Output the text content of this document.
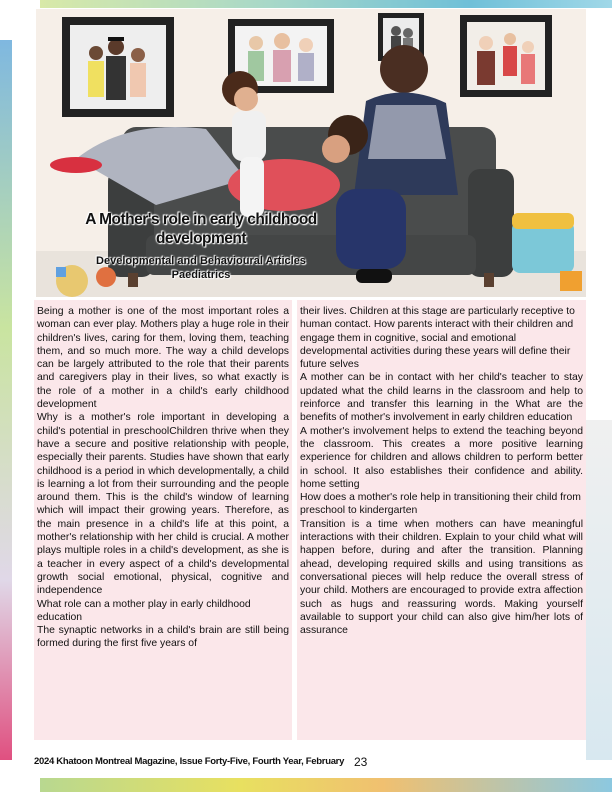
A Mother's role in early childhood development

Developmental and Behavioural Articles Paediatrics

Being a mother is one of the most important roles a woman can ever play. Mothers play a huge role in their children's lives, caring for them, loving them, teaching them, and so much more. The way a child develops can be largely attributed to the role that their parents and caregivers play in their lives, so what exactly is the role of a mother in a child's early childhood development

Why is a mother's role important in developing a child's potential in preschoolChildren thrive when they have a secure and positive relationship with people, especially their parents. Studies have shown that early childhood is a period in which developmentally, a child is learning a lot from their surrounding and the people around them. This is the child's window of learning which will impact their growing years. Therefore, as the main presence in a child's life at this point, a mother's relationship with her child is crucial. A mother plays multiple roles in a child's development, as she is a teacher in every aspect of a child's developmental growth social emotional, physical, cognitive and independence

What role can a mother play in early childhood education

The synaptic networks in a child's brain are still being formed during the first five years of

their lives. Children at this stage are particularly receptive to human contact. How parents interact with their children and engage them in cognitive, social and emotional developmental activities during these years will define their future selves

A mother can be in contact with her child's teacher to stay updated what the child learns in the classroom and help to reinforce and transfer this learning in the What are the benefits of mother's involvement in early children education

A mother's involvement helps to extend the teaching beyond the classroom. This creates a more positive learning experience for children and allows children to perform better in school. It also establishes their confidence and ability. home setting

How does a mother's role help in transitioning their child from preschool to kindergarten

Transition is a time when mothers can have meaningful interactions with their children. Explain to your child what will happen before, during and after the transition. Planning ahead, developing required skills and using transitions as conversational pieces will help reduce the overall stress of your child. Mothers are encouraged to provide extra affection such as hugs and reassuring words. Making yourself available to support your child can also give him/her lots of assurance

2024 Khatoon Montreal Magazine, Issue Forty-Five, Fourth Year, February 23
